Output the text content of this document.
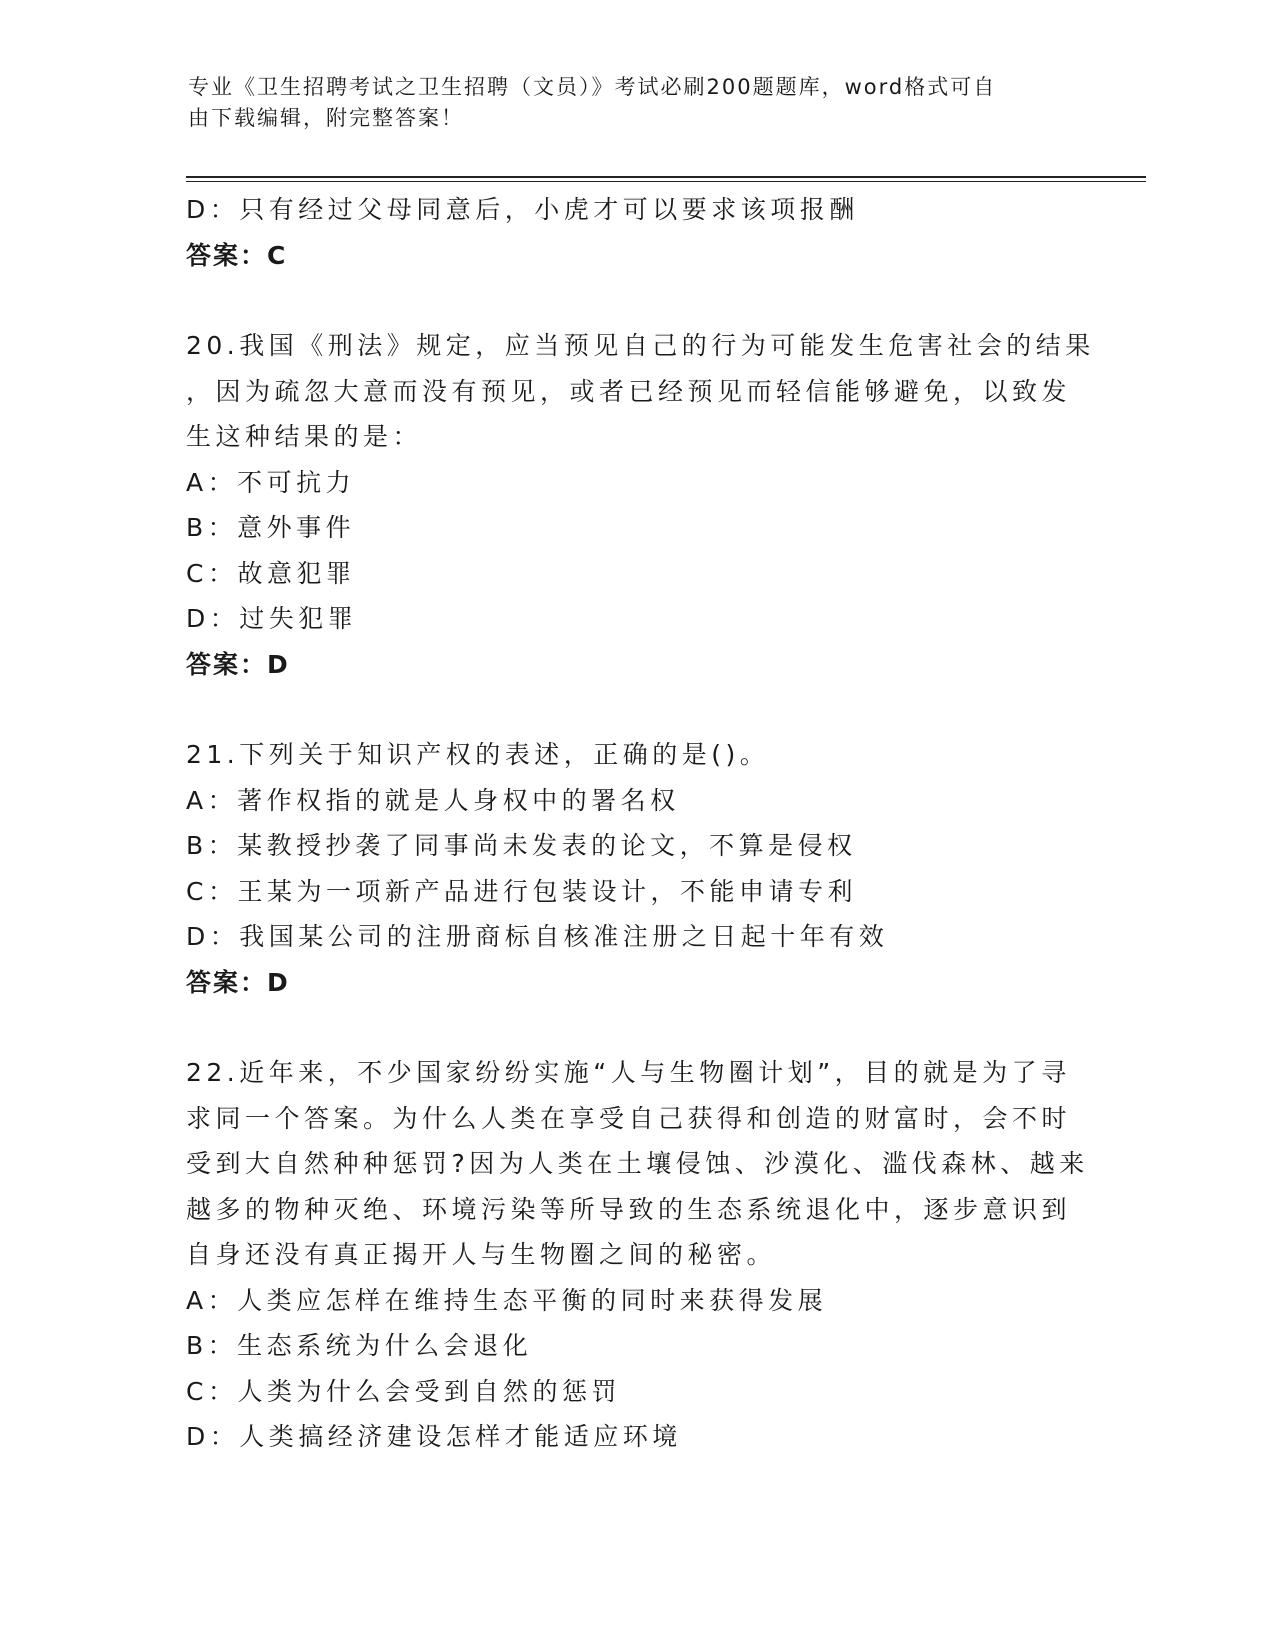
专业《卫生招聘考试之卫生招聘（文员）》考试必刷200题题库，word格式可自
由下载编辑，附完整答案！
D：只有经过父母同意后，小虎才可以要求该项报酬
答案：C
20.我国《刑法》规定，应当预见自己的行为可能发生危害社会的结果
，因为疏忽大意而没有预见，或者已经预见而轻信能够避免，以致发
生这种结果的是：
A：不可抗力
B：意外事件
C：故意犯罪
D：过失犯罪
答案：D
21.下列关于知识产权的表述，正确的是()。
A：著作权指的就是人身权中的署名权
B：某教授抄袭了同事尚未发表的论文，不算是侵权
C：王某为一项新产品进行包装设计，不能申请专利
D：我国某公司的注册商标自核准注册之日起十年有效
答案：D
22.近年来，不少国家纷纷实施“人与生物圈计划”，目的就是为了寻
求同一个答案。为什么人类在享受自己获得和创造的财富时，会不时
受到大自然种种惩罚?因为人类在土壤侵蚀、沙漠化、滥伐森林、越来
越多的物种灭绝、环境污染等所导致的生态系统退化中，逐步意识到
自身还没有真正揭开人与生物圈之间的秘密。
A：人类应怎样在维持生态平衡的同时来获得发展
B：生态系统为什么会退化
C：人类为什么会受到自然的惩罚
D：人类搞经济建设怎样才能适应环境
